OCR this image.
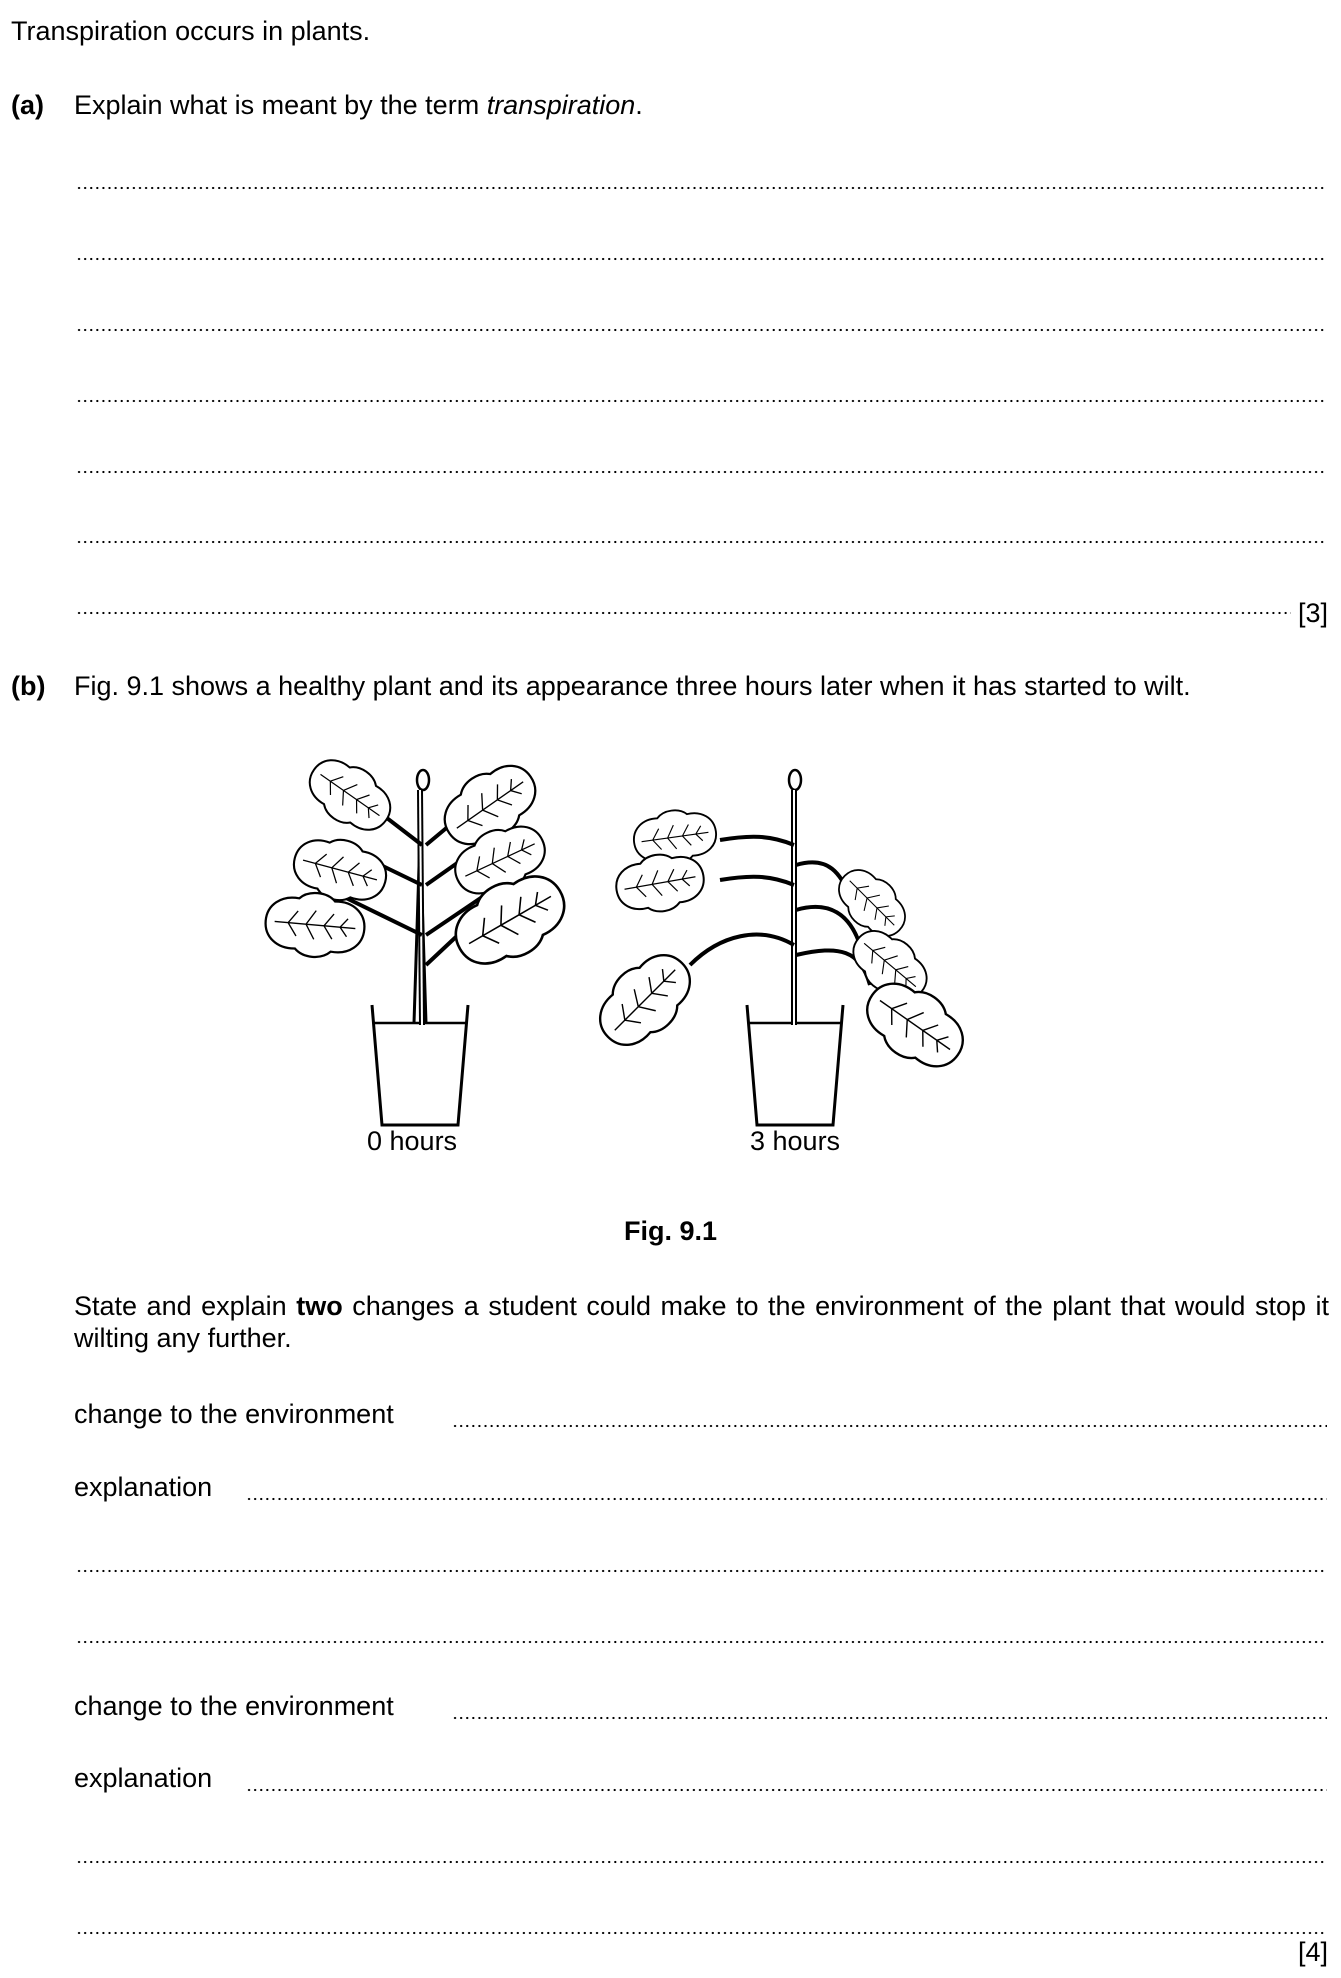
Transpiration occurs in plants.
(a) Explain what is meant by the term transpiration.
[3]
(b) Fig. 9.1 shows a healthy plant and its appearance three hours later when it has started to wilt.
0 hours	3 hours
Fig. 9.1
State and explain two changes a student could make to the environment of the plant that would stop it wilting any further.
change to the environment
explanation
change to the environment
explanation
[4]
